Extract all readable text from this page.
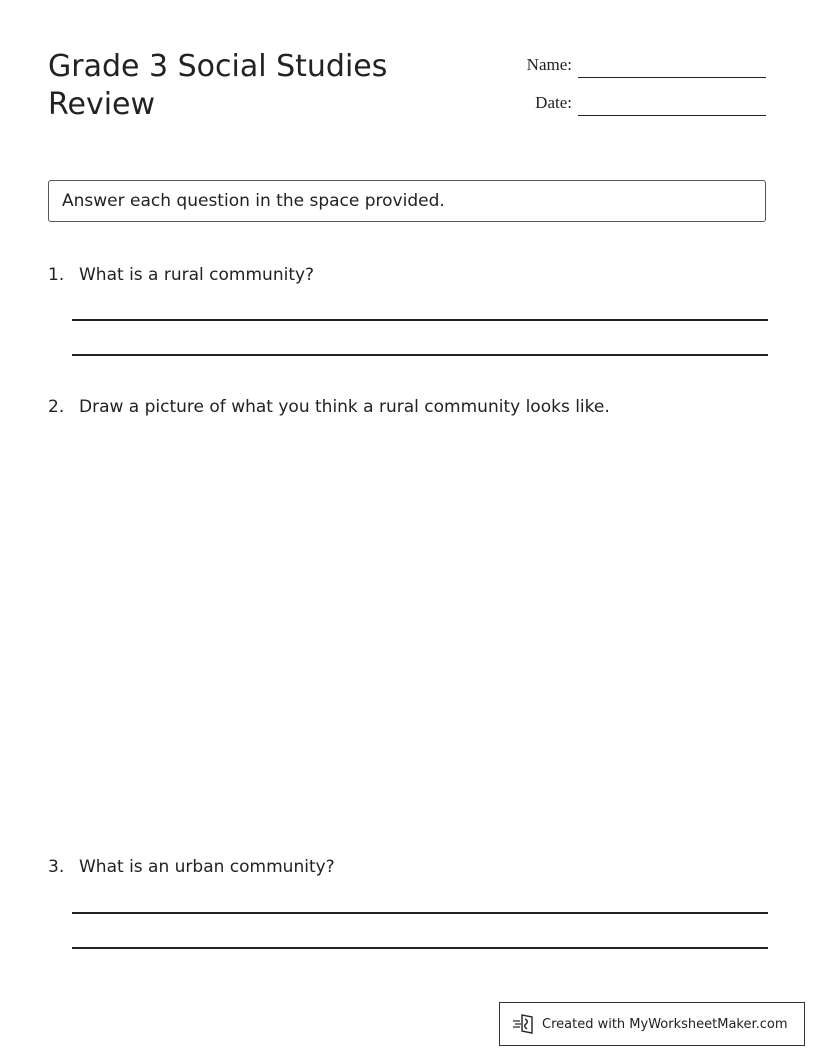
Grade 3 Social Studies
Review
Name:
Date:
Answer each question in the space provided.
1. What is a rural community?
2. Draw a picture of what you think a rural community looks like.
3. What is an urban community?
Created with MyWorksheetMaker.com
